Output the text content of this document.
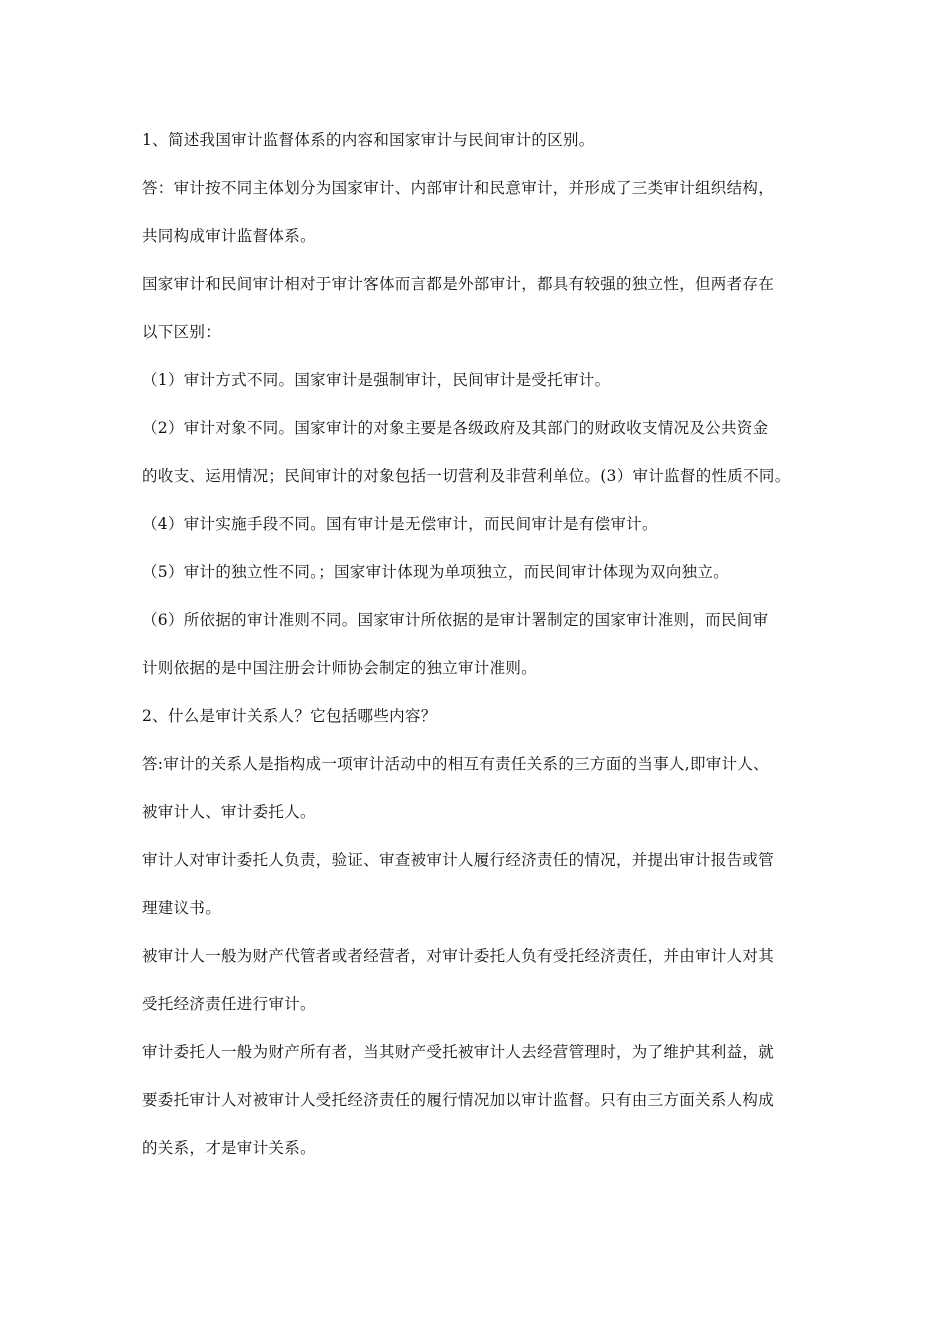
1、简述我国审计监督体系的内容和国家审计与民间审计的区别。
答：审计按不同主体划分为国家审计、内部审计和民意审计，并形成了三类审计组织结构，
共同构成审计监督体系。
国家审计和民间审计相对于审计客体而言都是外部审计，都具有较强的独立性，但两者存在
以下区别：
（1）审计方式不同。国家审计是强制审计，民间审计是受托审计。
（2）审计对象不同。国家审计的对象主要是各级政府及其部门的财政收支情况及公共资金
的收支、运用情况；民间审计的对象包括一切营利及非营利单位。(3）审计监督的性质不同。
（4）审计实施手段不同。国有审计是无偿审计，而民间审计是有偿审计。
（5）审计的独立性不同。；国家审计体现为单项独立，而民间审计体现为双向独立。
（6）所依据的审计准则不同。国家审计所依据的是审计署制定的国家审计准则，而民间审
计则依据的是中国注册会计师协会制定的独立审计准则。
2、什么是审计关系人？它包括哪些内容？
答:审计的关系人是指构成一项审计活动中的相互有责任关系的三方面的当事人,即审计人、
被审计人、审计委托人。
审计人对审计委托人负责，验证、审查被审计人履行经济责任的情况，并提出审计报告或管
理建议书。
被审计人一般为财产代管者或者经营者，对审计委托人负有受托经济责任，并由审计人对其
受托经济责任进行审计。
审计委托人一般为财产所有者，当其财产受托被审计人去经营管理时，为了维护其利益，就
要委托审计人对被审计人受托经济责任的履行情况加以审计监督。只有由三方面关系人构成
的关系，才是审计关系。
